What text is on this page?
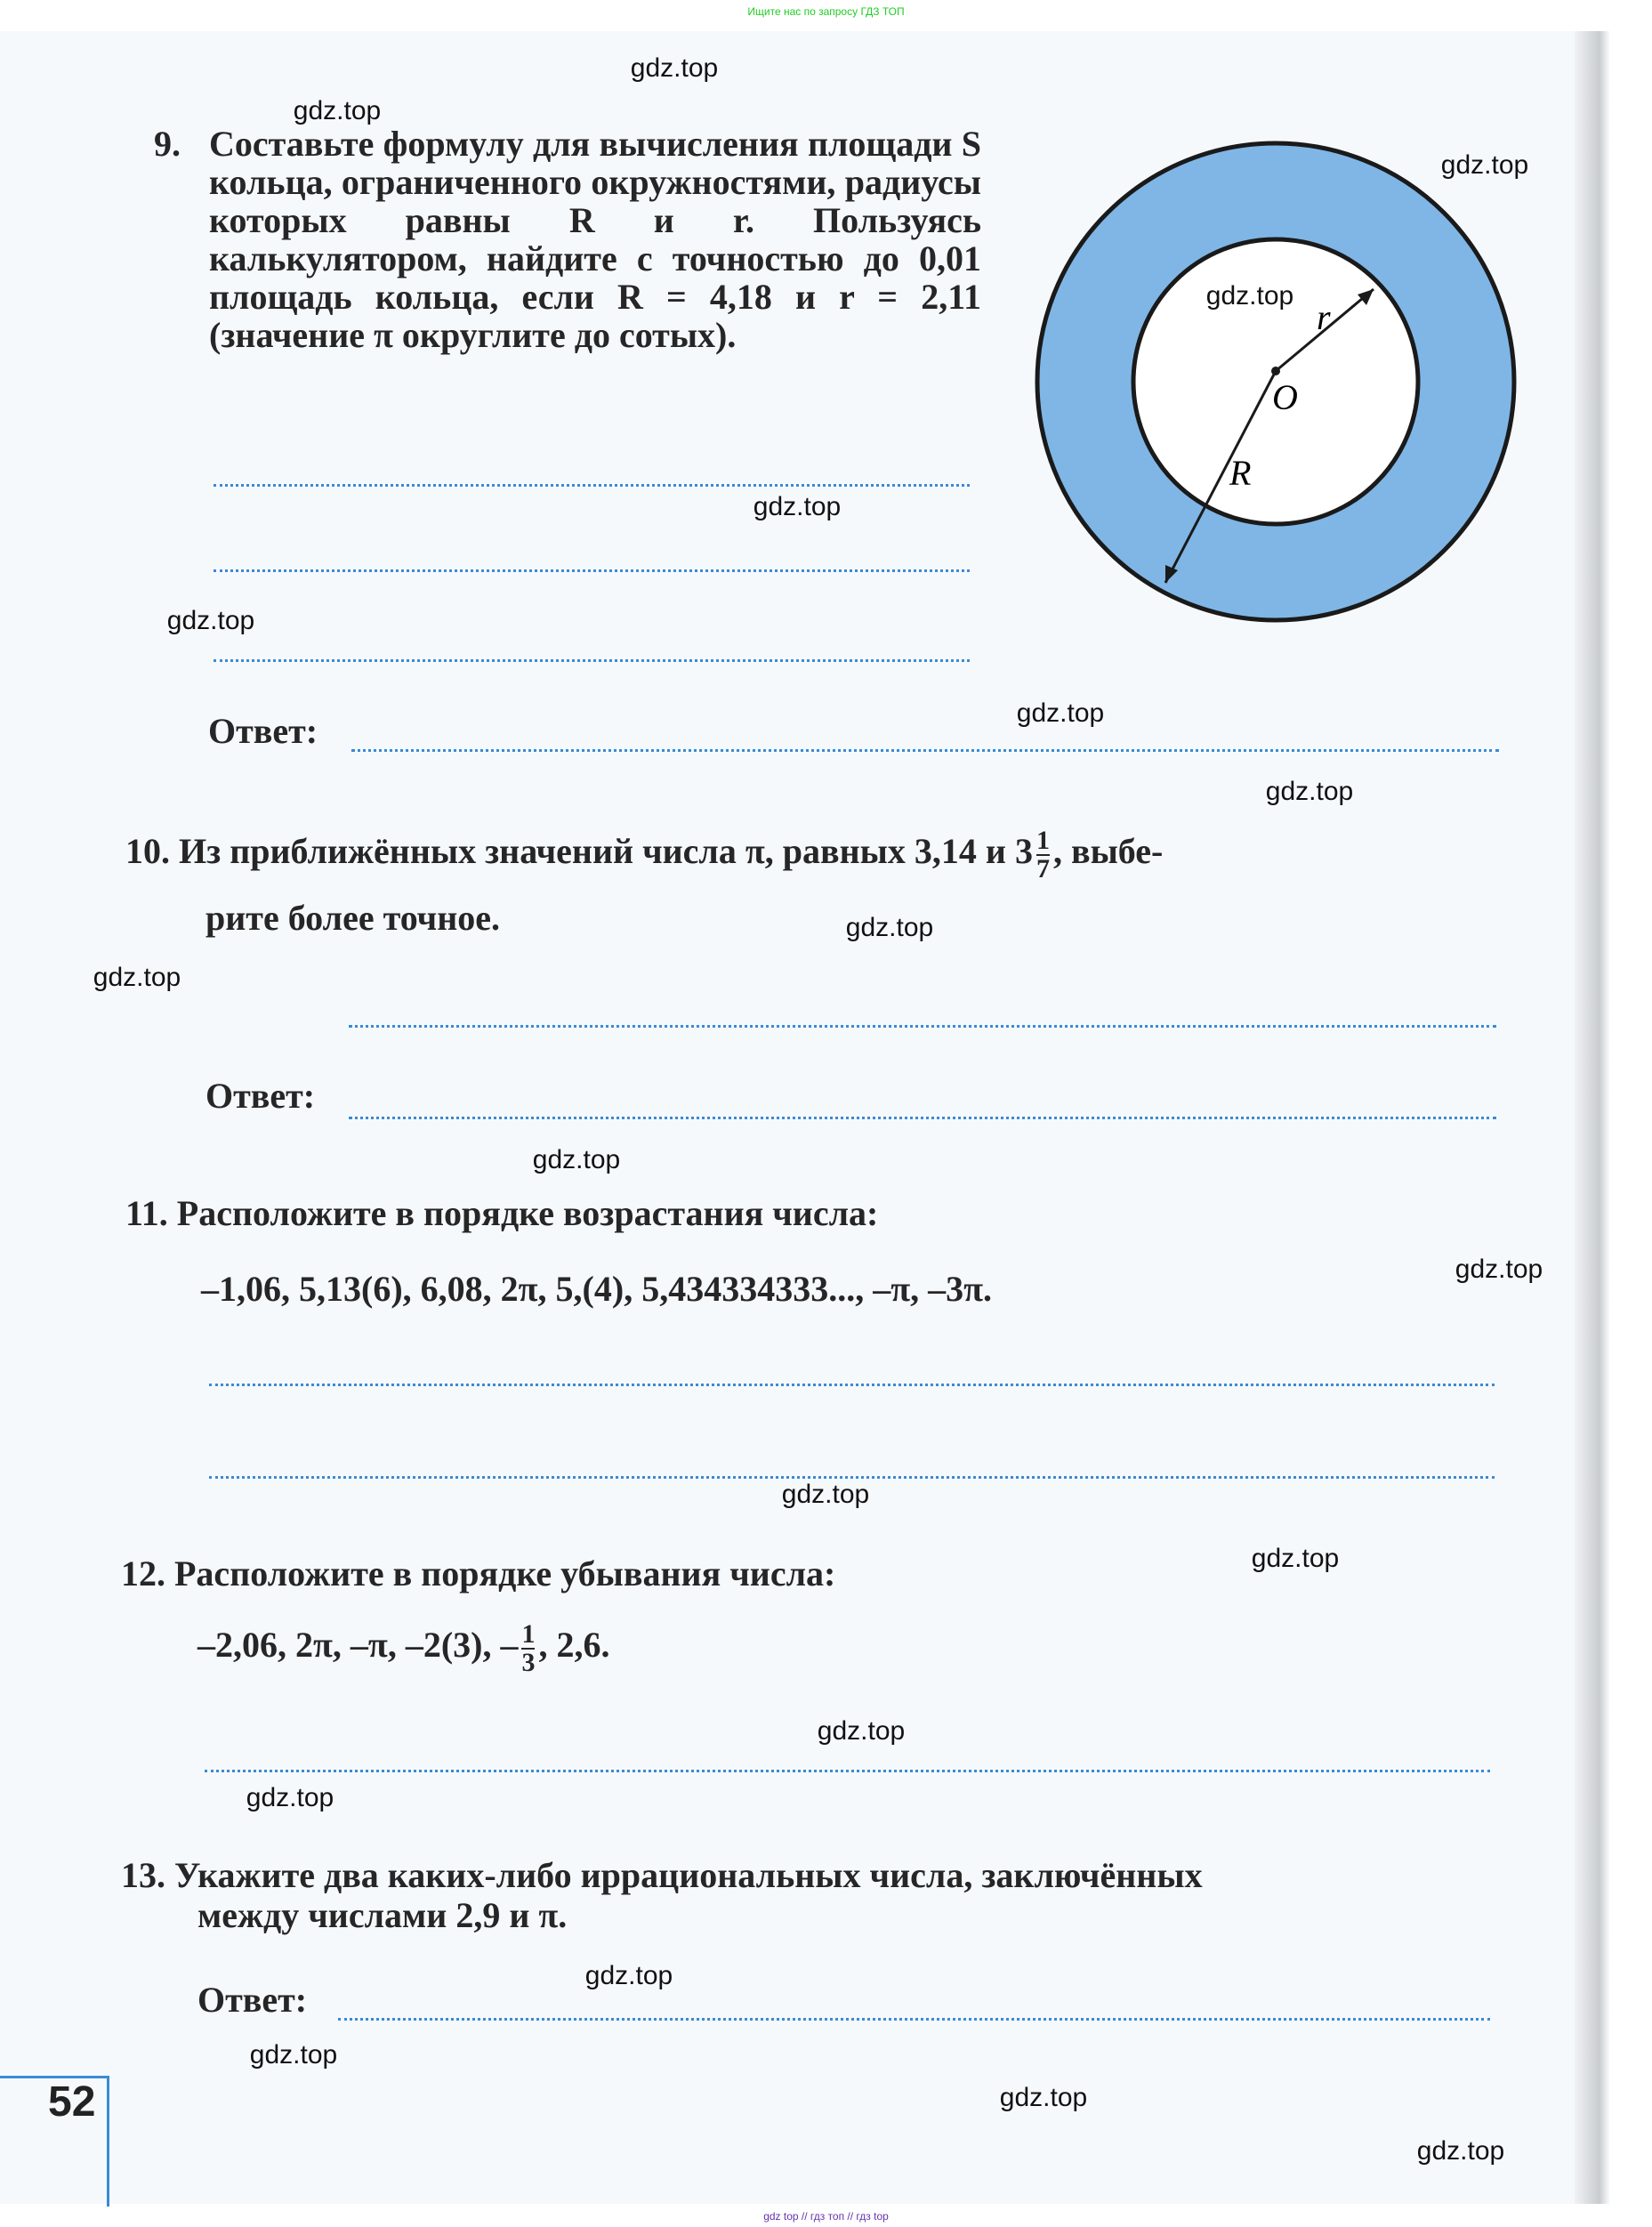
Ищите нас по запросу ГДЗ ТОП
9. Составьте формулу для вычисления площади S кольца, ограниченного окружностями, радиусы которых равны R и r. Пользуясь калькулятором, найдите с точностью до 0,01 площадь кольца, если R = 4,18 и r = 2,11 (значение π округлите до сотых).	r
O
R
Ответ:
10. Из приближённых значений числа π, равных 3,14 и $3 \frac{1}{7}$ , выбе-
рите более точное.
Ответ:
11. Расположите в порядке возрастания числа:
–1,06, 5,13(6), 6,08, 2π, 5,(4), 5,434334333..., –π, –3π.
12. Расположите в порядке убывания числа:
–2,06, 2π, –π, –2(3), – $\frac{1}{3}$ , 2,6.
13. Укажите два каких-либо иррациональных числа, заключённых
между числами 2,9 и π.
Ответ:
52
gdz.top
gdz.top
gdz.top
gdz.top
gdz.top
gdz.top
gdz.top
gdz.top
gdz.top
gdz.top
gdz.top
gdz.top
gdz.top
gdz.top
gdz.top
gdz.top
gdz.top
gdz.top
gdz.top
gdz.top
gdz top // гдз топ // гдз top
